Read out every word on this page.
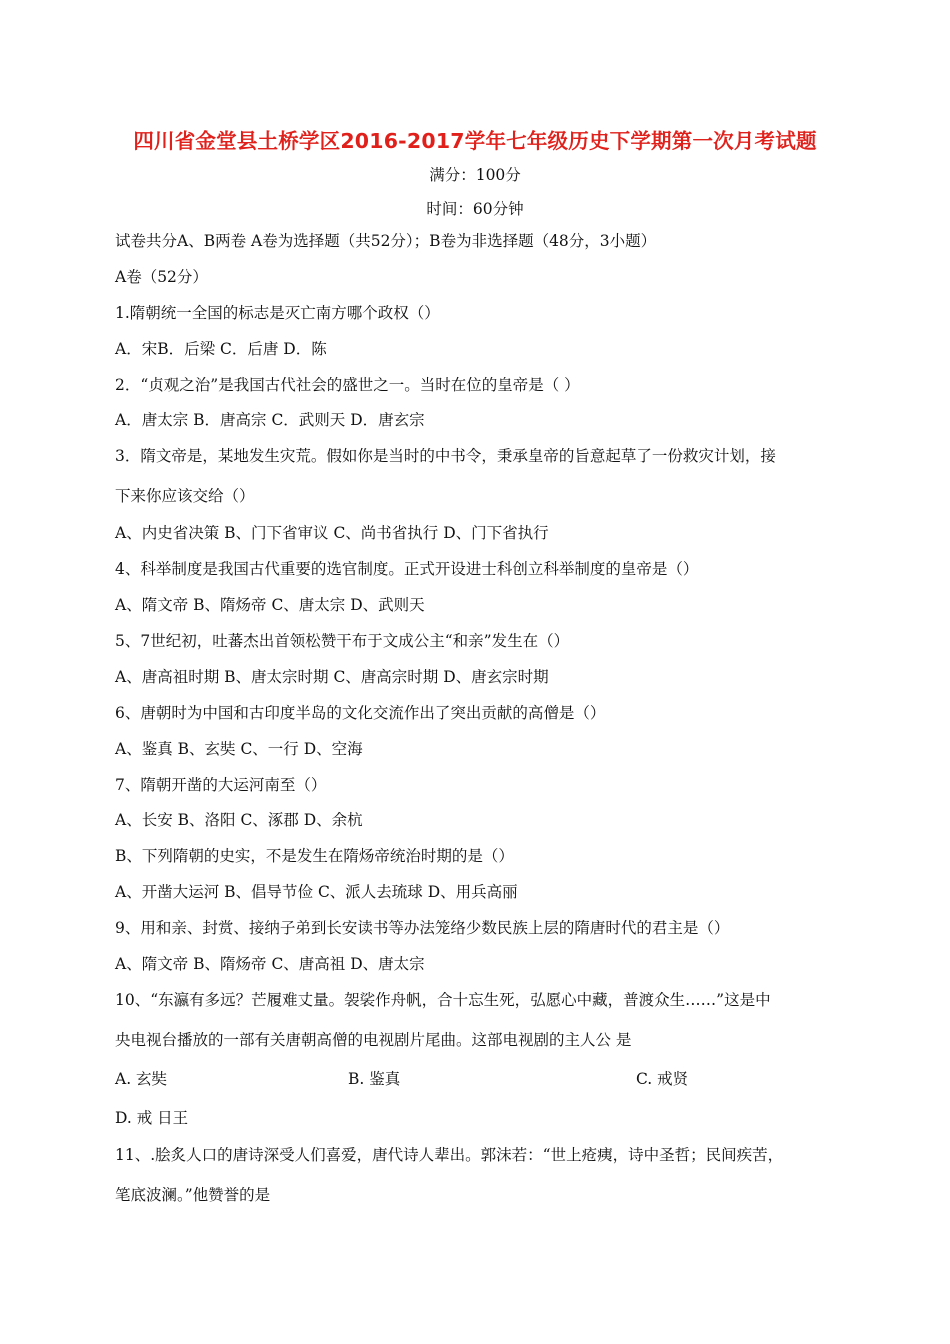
四川省金堂县土桥学区2016-2017学年七年级历史下学期第一次月考试题
满分：100分
时间：60分钟
试卷共分A、B两卷 A卷为选择题（共52分）；B卷为非选择题（48分，3小题）
A卷（52分）
1.隋朝统一全国的标志是灭亡南方哪个政权（）
A．宋B．后梁 C．后唐 D．陈
2．“贞观之治”是我国古代社会的盛世之一。当时在位的皇帝是（ ）
A．唐太宗 B．唐高宗 C．武则天 D．唐玄宗
3．隋文帝是，某地发生灾荒。假如你是当时的中书令，秉承皇帝的旨意起草了一份救灾计划，接
下来你应该交给（）
A、内史省决策 B、门下省审议 C、尚书省执行 D、门下省执行
4、科举制度是我国古代重要的选官制度。正式开设进士科创立科举制度的皇帝是（）
A、隋文帝 B、隋炀帝 C、唐太宗 D、武则天
5、7世纪初，吐蕃杰出首领松赞干布于文成公主“和亲”发生在（）
A、唐高祖时期 B、唐太宗时期 C、唐高宗时期 D、唐玄宗时期
6、唐朝时为中国和古印度半岛的文化交流作出了突出贡献的高僧是（）
A、鉴真 B、玄奘 C、一行 D、空海
7、隋朝开凿的大运河南至（）
A、长安 B、洛阳 C、涿郡 D、余杭
B、下列隋朝的史实，不是发生在隋炀帝统治时期的是（）
A、开凿大运河 B、倡导节俭 C、派人去琉球 D、用兵高丽
9、用和亲、封赏、接纳子弟到长安读书等办法笼络少数民族上层的隋唐时代的君主是（）
A、隋文帝 B、隋炀帝 C、唐高祖 D、唐太宗
10、“东瀛有多远？芒履难丈量。袈裟作舟帆，合十忘生死，弘愿心中藏，普渡众生……”这是中
央电视台播放的一部有关唐朝高僧的电视剧片尾曲。这部电视剧的主人公 是
A. 玄奘	B. 鉴真	C. 戒贤
D. 戒 日王
11、.脍炙人口的唐诗深受人们喜爱，唐代诗人辈出。郭沫若：“世上疮痍，诗中圣哲；民间疾苦，
笔底波澜。”他赞誉的是
